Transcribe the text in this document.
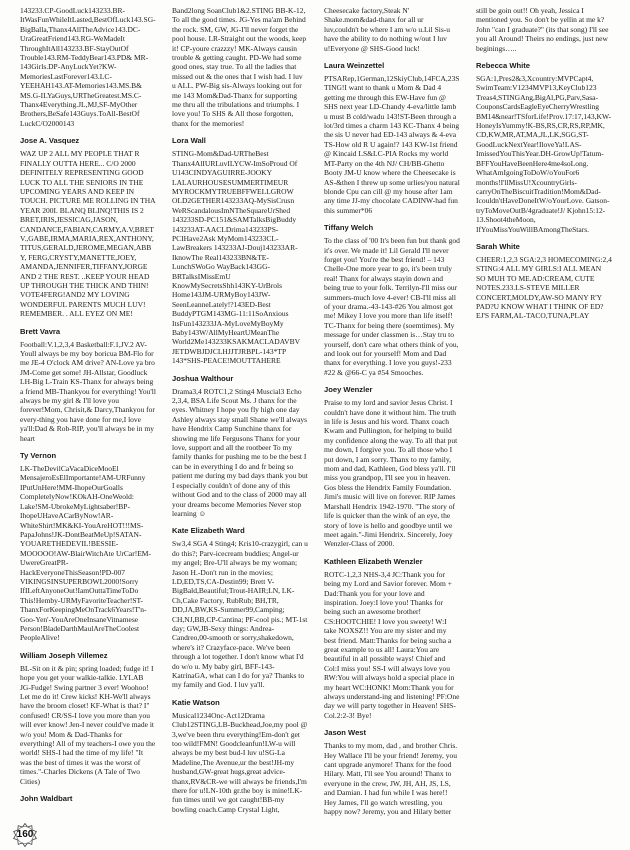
143233.CP-GoodLuck143233.BR-ItWasFunWhileItLasted,BestOfLuck143.SG-BigBalla,Thanx4AllTheAdvice143.DC-UraGreatFriend143.RG-WeMadeIt ThroughItAll143233.BF-StayOutOf Trouble143.RM-TeddyBear143.PD& MR-143Girls.DP-AnyLuckYet?KW-MemoriesLastForever143.LC-YEEHAH143.AT-Memories143.MS.B& MS.G-ILYaGuys,URTheGreatest.MS.C-Thanx4Everything.JL,MJ,SF-MyOther Brothers,BeSafe143Guys.ToAll-BestOf LuckC/O2000143

Jose A. Vasquez

WAZ UP 2 ALL MY PEOPLE THAT R FINALLY OUTTA HERE... C/O 2000 DEFINITELY REPRESENTING GOOD LUCK TO ALL THE SENIORS IN THE UPCOMING YEARS AND KEEP IN TOUCH. PICTURE ME ROLLING IN THA YEAR 200I. BLANQ BLINQ!THIS IS 2 BRET,IRIS,JESSICAG,JASON, CANDANCE,FABIAN,CARMY,A.V,BRET V.,GABE,IRMA,MARIA,REX,ANTHONY, TITUS,GERALD,JEROME,MEGAN,ABBY, FERG,CRYSTY,MANETTE,JOEY, AMANDA,JENNIFER,TIFFANY,JORGE AND 2 THE REST. ..KEEP YOUR HEAD UP THROUGH THE THICK AND THIN! VOTE4FERG!AND2 MY LOVING WONDERFUL PARENTS MUCH LUV! REMEMBER. . ALL EYEZ ON ME!

Brett Vavra

Football:V.1,2,3,4 Basketball:F.1,JV.2 AV-Youll always be my boy boricua BM-Flo for me JE-4 O'clock AM drive? AN-Love ya bro JM-Come get some! JH-Allstar, Goodluck LH-Big L-Train KS-Thanx for always being a friend MB-Thankyou for everything! You'll always be my girl & I'll love you forever!Mom, Chrisit,& Darcy,Thankyou for every-thing you have done for me,I love ya'll:Dad & Rob-RIP, you'll always be in my heart

Ty Vernon

LK-TheDevilCaVacaDiceMooEl MensajeroEsElImportante!AM-URFunny IPutUnHere!MM-IhopeOurGoalls CompletelyNow!KOkAH-OneWeold: Lake!SM-UbrokeMyLightsaber!BP-IhopeUHaveACarByNow!AR-WhiteShirt!MK&KI-YouAreHOT!!!MS-PapaJohns!JK-DontBeatMeUp!SATAN-YOUARETHEDEVIL!BESSIE-MOOOOO!AW-BlairWitchAte UrCar!EM-UwereGreatPR-HackEveryoneThisSeason!PD-007 VIKINGSINSUPERBOWL2000!Sorry IfILeftAnyoneOut!IamOuttaTimeToDo This!Hemby-URMyFavoriteTeacher!ST-ThanxForKeepingMeOnTrack6Years!T'n-Goo-Yen'-YouAreOneInsaneVitnamese Person!BladeDarthMaulAreTheCoolest PeopleAlive!

William Joseph Villemez

BL-Sit on it & pin; spring loaded; fudge it! I hope you get your walkie-talkie. LYLAB JG-Fudge! Swing partner 3 ever! Woohoo! Let me do it! Crew kicks! KH-We'll always have the broom closet! KF-What is that? I" confused! CR/SS-I love you more than you will ever know! Jen-I never could've made it w/o you! Mom & Dad-Thanks for everything! All of my teachers-I owe you the world! SHS-I had the time of my life! "It was the best of times it was the worst of times."-Charles Dickens (A Tale of Two Cities)

John Waldbart

Band2long SoanClub1&2.STING BB-K-12, To all the good times. JG-Yes ma'am Behind the rock. SM, GW, JG-I'll never forget the pool house. LR-Straight out the woods, keep it! CP-youre crazzzy! MK-Always causin trouble & getting caught. PD-We had some good ones, stay true. To all the ladies that missed out & the ones that I wish had. I luv u ALL. PW-Big sis-Always looking out for me 143 Mom&Dad-Thanx for supporting me thru all the tribulations and triumphs. I love you! To SHS & All those forgotten, thanx for the memories!

Lora Wall

STING-Mom&Dad-URTheBest Thanx4AlIURLuvILYCW-ImSoProud Of U143CINDYAGUIRRE-JOOKY LALAURHOUSESUMMERTIMEUR MYROCKMYTRUEBFFWELLGROW OLD2GETHER143233AQ-MySisCrusn WeRScandalousImNTheSquareUrShed 143233SD-PC151&SAMTalksBigBuddy 143233AT-AACLDrima143233PS-PCIHave2Ask MyMom143233CL-LawBreakers 143233AJ-Douj143233AR-IknowThe Real143233BN&TE-LunchSWoGo WayBack143GG-BRTalksIMissEmU KnowMySecretsShh143KY-UrBrols Home143JM-URMyBoy143JW-SeenLeanneLately!?143ED-Best BuddyPTGM143MG-11:11SoAnxious ItsFun143233JA-MyLoveMyBoyMy Baby143W/AllMyHeartUMeanThe World2Me143233KSAKMACLADAVBV JETDWBJDJCLHJJTJRBPL-143*TP 143*SHS-PEACE!MOUTTAHERE

Joshua Walthour

Drama3,4 ROTC1,2 Sting4 Muscial3 Echo 2,3,4, BSA Life Scout Ms. J thanx for the eyes. Whitney I hope you fly high one day Ashley always stay small Shane we'll always have Hendrix Camp Sunchine thanx for showing me life Fergusons Thanx for your love, support and all the rootbeer To my family thanks for pushing me to be the best I can be in everything I do and fr being so patient me during my bad days thank you but I especially couldn't of done any of this without God and to the class of 2000 may all your dreams become Memories Never stop learning ☺

Kate Elizabeth Ward

Sw3,4 SGA 4 Sting4; Kris10-crazygirl, can u do this?; Parv-icecream buddies; Angel-ur my angel; Bre-U'll always be my woman; Jason H.-Don't run in the movies; LD,ED,TS,CA-Destin99; Brett V-BigBald,Beautiful;Trout-HAIR;LN, LK-Ch,Cake Factory, RubRub; BH,TR, DD,JA,BW,KS-Summer99,Camping; CH,NJ,BB,CP-Cantina; PF-cool pis.; MT-1st day; GW,JB-Sexy things: Andrea-Candreo,00-smooth or sorry,shakedown, where's it? Crazyface-pace. We've been through a lot together. I don't know what I'd do w/o u. My baby girl, BFF-143-KatrinaGA, what can I do for ya? Thanks to my family and God. I luv ya'll.

Katie Watson

Musical1234Onc-Act12Drama Club12STING,LB-Buckhead,Joe,my pool @ 3,we've been thru everything!Em-don't get too wild!FMN! Goodcleanfun!LW-u will always be my best bud-I luv u!SG-La Madeline,The Avenue,ur the best!JH-my husband,GW-great hugs,great advice-thanx,RV&CR-we will always be friends,I'm there for u!LN-10th gr.the boy is mine!LK-fun times until we got caught!BB-my bowling coach.Camp Crystal Light, Cheesecake factory,Steak N' Shake.mom&dad-thanx for all ur luv,couldn't be where I am w/o u.Lil Sis-u have the ability to do nothing w/out I luv u!Everyone @ SHS-Good luck!

Laura Weinzettel

PTSARep,1German,12SkiyClub,14FCA,23STING!I want to thank u Mom & Dad 4 getting me through this EW-Have fun @ SHS next year LD-Chandy 4-eva/little lamb u must B cold/wadu 143!ST-Been through a lot/3rd times a charm 143 KC-Thanx 4 being the sis U never had ED-143 always & 4-eva TS-How old R U again!? 143 KW-1st friend @ Kincaid LS&LC-PIA Rocks my world MT-Party on the 4th NJ/ CH/BB-Ghetto Booty JM-U know where the Cheesecake is AS-&then I threw up some urlies/you natural blonde Cpu can cill @ my house after 1am any time JJ-my chocolate CADINW-had fun this summer*06

Tiffany Welch

To the class of '00 It's been fun but thank god it's over. We made it! Lil Gerald I'll never forget you! You're the best friend! – 143 Chelle-One more year to go, it's been truly real! Thanx for always stayin down and being true to your folk. Terrilyn-I'll miss our summers-much love 4-ever! CB-I'll miss all of your drama.-43-143-#26 You almost got me! Mikey I love you more than life itself! TC-Thanx for being there (soemtimes). My message for under classmen is…Stay tru to yourself, don't care what others think of you, and look out for yourself! Mom and Dad thanx for everything. I love you guys!-233 #22 & @66-C ya #54 Smooches.

Joey Wenzler

Praise to my lord and savior Jesus Christ. I couldn't have done it without him. The truth in life is Jesus and his word. Thanx coach Kwam and Pullington, for helping to build my confidence along the way. To all that put me down, I forgive you. To all those who I put down, I am sorry. Thanx to my family, mom and dad, Kathleen, God bless ya'll. I'll miss you grandpop, I'll see you in heaven. Gos bless the Hendrix Family Foundation. Jimi's music will live on forever. RIP James Marshall Hendrix 1942-1970. "The story of life is quicker than the wink of an eye, the story of love is hello and goodbye until we meet again."-Jimi Hendrix. Sincerely, Joey Wenzler-Class of 2000.

Kathleen Elizabeth Wenzler

ROTC-1,2,3 NHS-3,4 JC:Thank you for being my Lord and Savior forever. Mom + Dad:Thank you for your love and inspiration. Joey:I love you! Thanks for being such an awesome brother! CS:HOOTCHIE! I love you sweety! W:I take NOXSZ!! You are my sister and my best friend. Matt:Thanks for being sucha a great example to us all! Laura:You are beautiful in all possible ways! Chief and Col:I miss you! SS-I will always love you RW:You will always hold a special place in my heart WC:HONK! Mom:Thank you for always understand-ing and listening! PF:One day we will party together in Heaven! SHS-Col.2:2-3! Bye!

Jason West

Thanks to my mom, dad , and brother Chris. Hey Wallace I'll be your friend! Jeremy, you cant upgrade anymore! Thanx for the food Hilary. Matt, I'll see You around! Thanx to everyone in the crew, JW, JH, AH, JS, LS, and Damian. I had fun while I was here!! Hey James, I'll go watch wrestling, you happy now? Jeremy, you and Hilary better still be goin out!! Oh yeah, Jessica I mentioned you. So don't be yellin at me k? John "can I graduate?" (its that song) I'll see you all Around! Theirs no endings, just new beginings…..

Rebecca White

SGA:1,Pres2&3,Xcountry:MVPCapt4, SwimTeam:V1234MVP13,KeyClub123 Treas4,STINGAng,BigAl,PG,Parv,Sasa-CouponsCardsEagleEyeCherryWrestling BM14&near!TSforLife!Prov.17:17,143,KW-HoneyIsYummy!K-BS,RS,CR,RS,RP,MK, CD,KW,MR,AT,MA,JL,LK,SGG,ST-GoodLuckNextYear!IloveYa!LAS-ImissedYouThisYear.DH-GrowUp!Tatum-BFFYouHaveBeenHere4me4soLong. WhatAmIgoingToDoW/oYouFor6 months!I'llMissU!XcountryGirls-carryOnTheBiscuitTradition!Mom&Dad-Icouldn'tHaveDoneItW/oYourLove. Gatson-tryToMoveOutB/4graduate!J/ Kjohn15:12-13.Shoot4theMoon, IfYouMissYouWillBAmongTheStars.

Sarah White

CHEER:1,2,3 SGA:2,3 HOMECOMING:2,4 STING:4 ALL MY GIRLS:I ALL MEAN SO MUH TO ME.AD:CREAM, CUTE NOTES.233.LS-STEVE MILLER CONCERT,MOLDY,AW-SO MANY R'Y PAD?U KNOW WHAT I THINK OF ED?EJ'S FARM,AL-TACO,TUNA,PLAY

160
